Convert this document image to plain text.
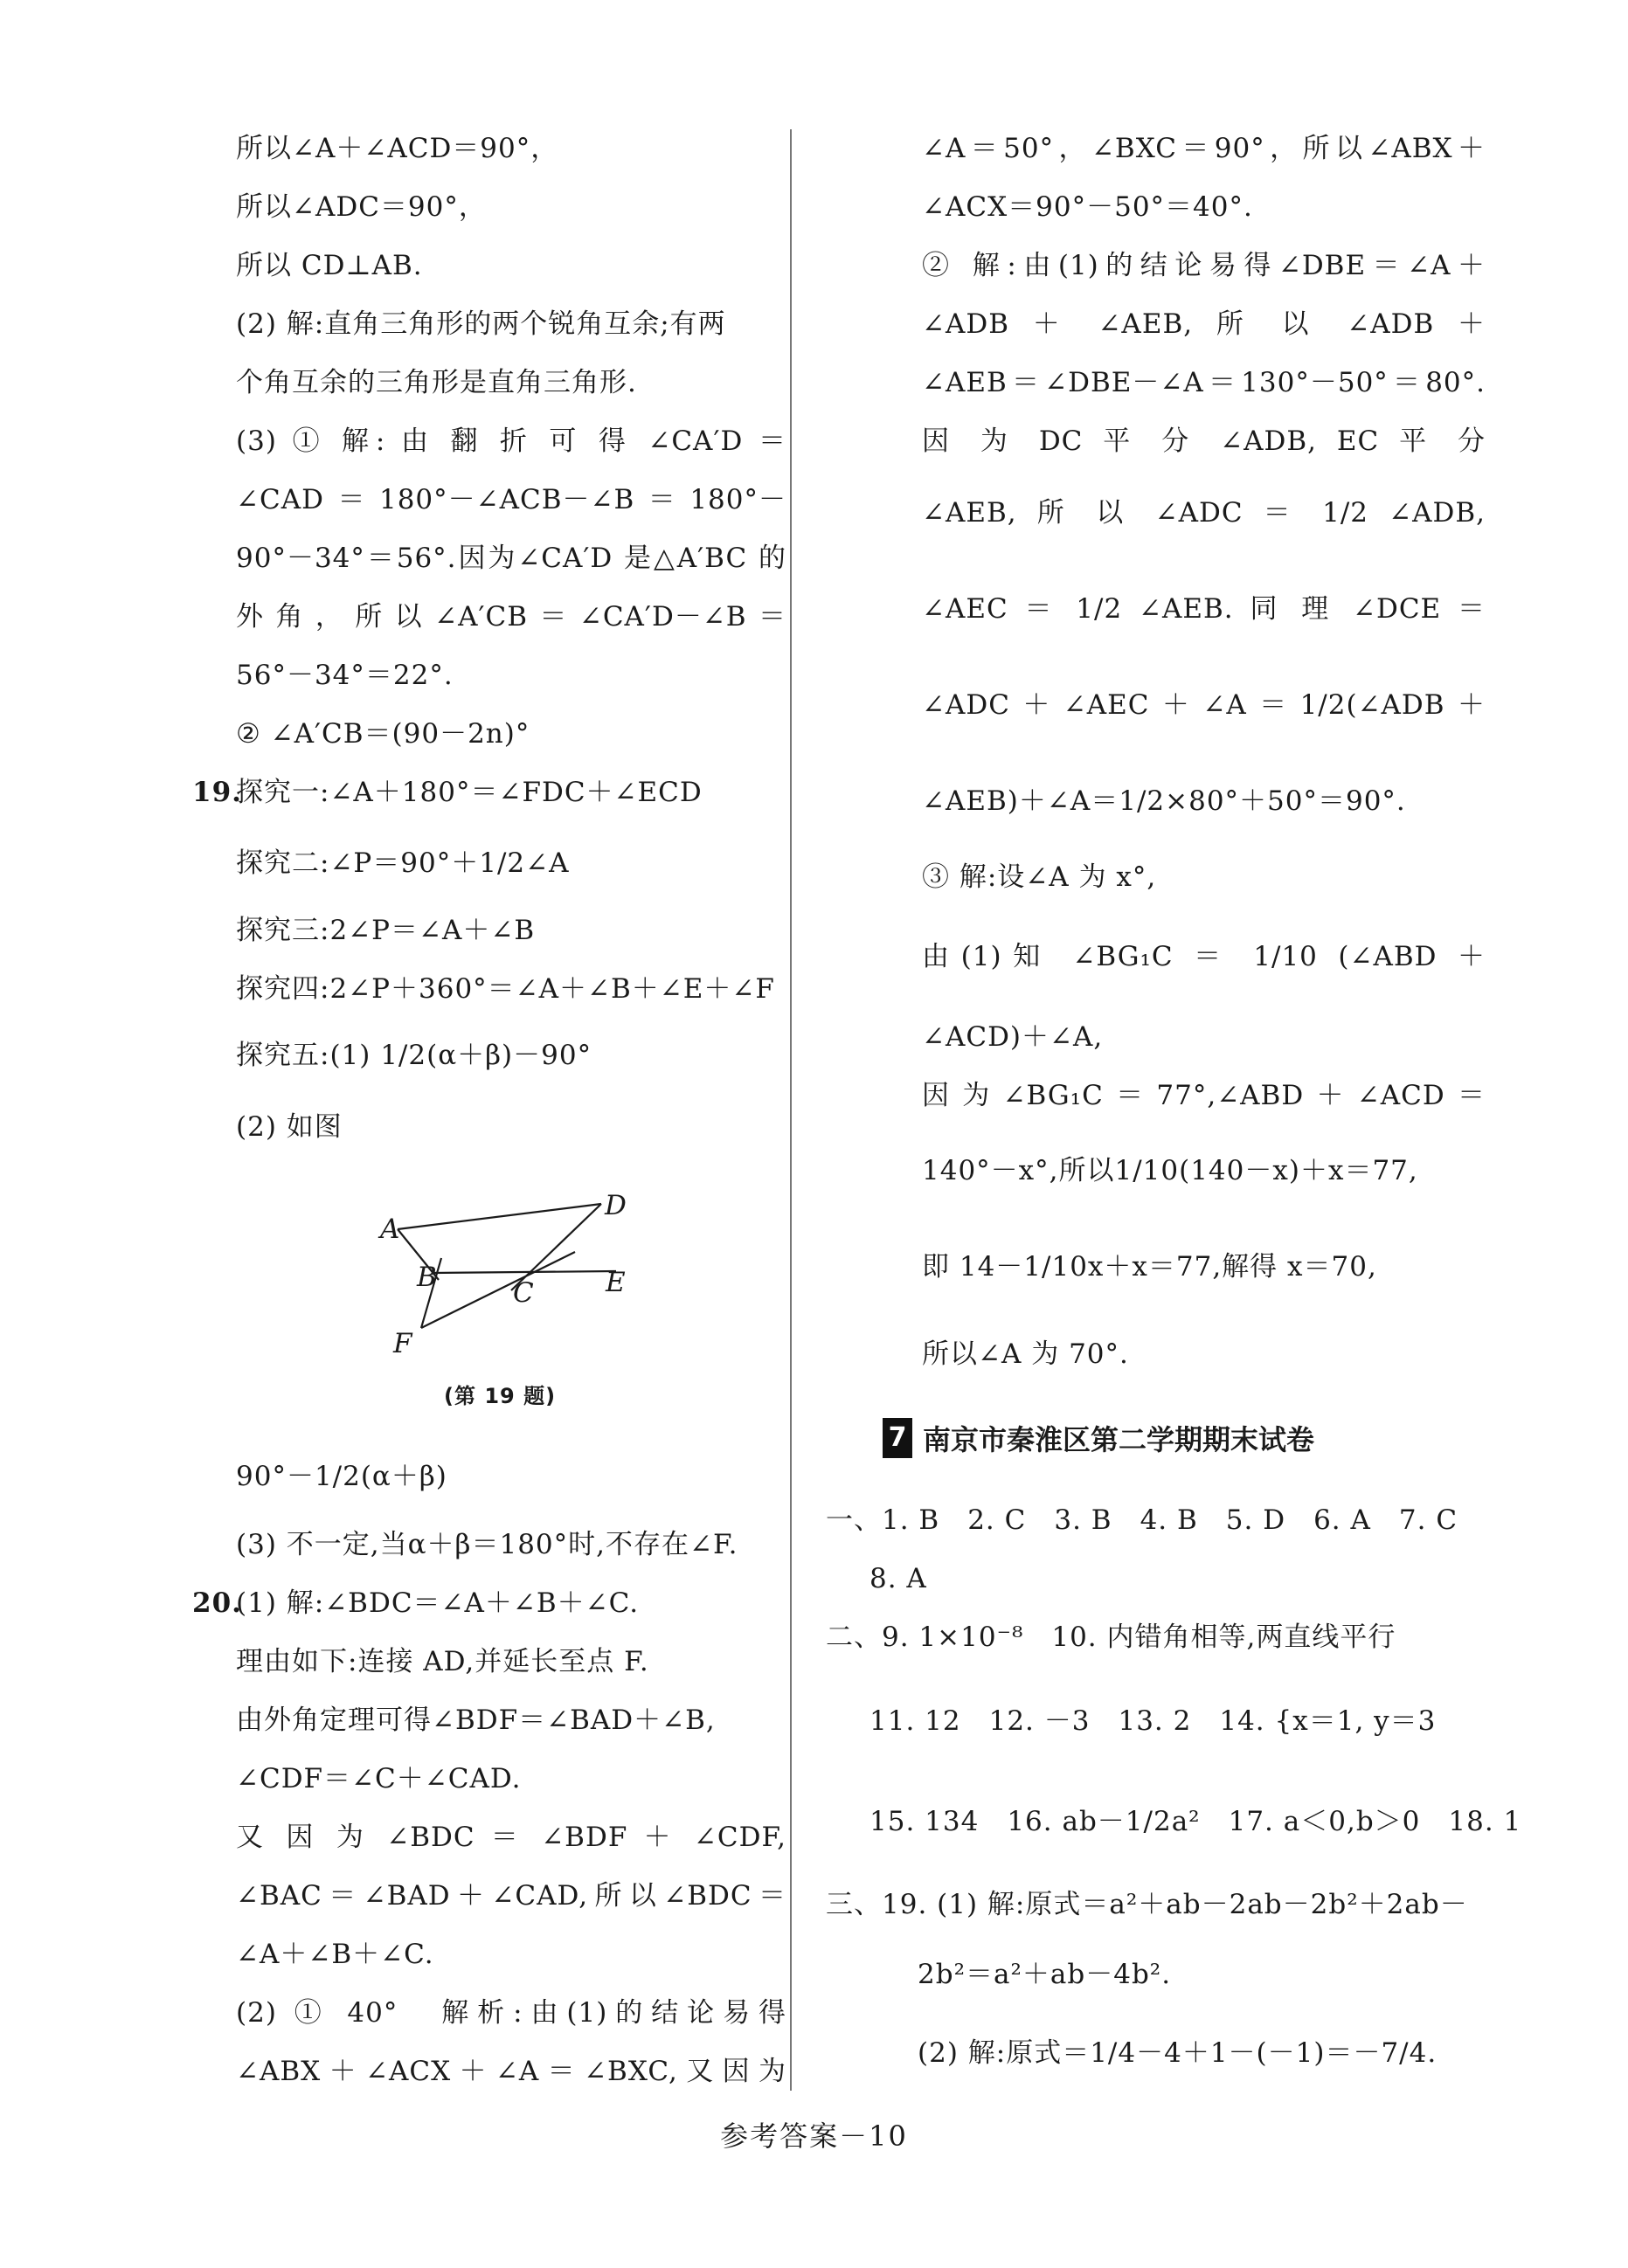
所以∠A＋∠ACD＝90°，
所以∠ADC＝90°，
所以 CD⊥AB.
(2) 解:直角三角形的两个锐角互余;有两
个角互余的三角形是直角三角形.
(3) ① 解: 由 翻 折 可 得 ∠CA′D ＝
∠CAD＝180°－∠ACB－∠B＝180°－
90°－34°＝56°.因为∠CA′D 是△A′BC 的
外角，所以∠A′CB＝∠CA′D－∠B＝
56°－34°＝22°.
② ∠A′CB＝(90－2n)°
19.
探究一:∠A＋180°＝∠FDC＋∠ECD
探究二:∠P＝90°＋1/2∠A
探究三:2∠P＝∠A＋∠B
探究四:2∠P＋360°＝∠A＋∠B＋∠E＋∠F
探究五:(1) 1/2(α＋β)－90°
(2) 如图
A
D
B	C	E
F
(第 19 题)
90°－1/2(α＋β)
(3) 不一定,当α＋β＝180°时,不存在∠F.
20.
(1) 解:∠BDC＝∠A＋∠B＋∠C.
理由如下:连接 AD,并延长至点 F.
由外角定理可得∠BDF＝∠BAD＋∠B,
∠CDF＝∠C＋∠CAD.
又 因 为 ∠BDC ＝ ∠BDF ＋ ∠CDF,
∠BAC＝∠BAD＋∠CAD,所以∠BDC＝
∠A＋∠B＋∠C.
(2) ① 40°　解析:由(1)的结论易得
∠ABX＋∠ACX＋∠A＝∠BXC,又因为
∠A＝50°，∠BXC＝90°，所以∠ABX＋
∠ACX＝90°－50°＝40°.
② 解:由(1)的结论易得∠DBE＝∠A＋
∠ADB ＋ ∠AEB, 所 以 ∠ADB ＋
∠AEB＝∠DBE－∠A＝130°－50°＝80°.
因 为 DC 平 分 ∠ADB, EC 平 分
∠AEB, 所 以 ∠ADC ＝ 1/2 ∠ADB,
∠AEC ＝ 1/2 ∠AEB. 同 理 ∠DCE ＝
∠ADC＋∠AEC＋∠A＝1/2(∠ADB＋
∠AEB)＋∠A＝1/2×80°＋50°＝90°.
③ 解:设∠A 为 x°,
由(1)知 ∠BG₁C ＝ 1/10 (∠ABD ＋
∠ACD)＋∠A,
因为∠BG₁C＝77°,∠ABD＋∠ACD＝
140°－x°,所以1/10(140－x)＋x＝77,
即 14－1/10x＋x＝77,解得 x＝70,
所以∠A 为 70°.
7 南京市秦淮区第二学期期末试卷
一、1. B　2. C　3. B　4. B　5. D　6. A　7. C
8. A
二、9. 1×10⁻⁸　10. 内错角相等,两直线平行
11. 12　12. －3　13. 2　14. {x＝1, y＝3
15. 134　16. ab－1/2a²　17. a＜0,b＞0　18. 1
三、19. (1) 解:原式＝a²＋ab－2ab－2b²＋2ab－
2b²＝a²＋ab－4b².
(2) 解:原式＝1/4－4＋1－(－1)＝－7/4.
参考答案－10
